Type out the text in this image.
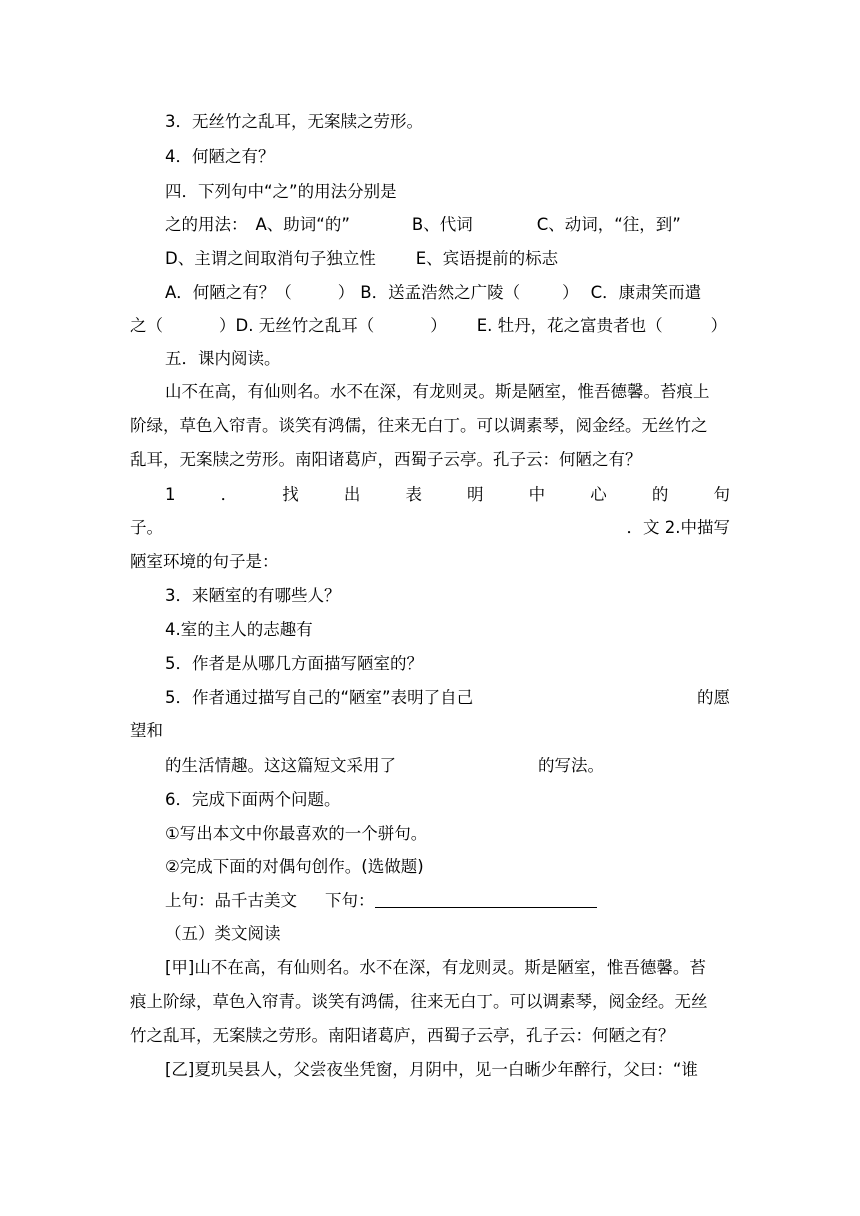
3．无丝竹之乱耳，无案牍之劳形。
4．何陋之有？
四．下列句中“之”的用法分别是
之的用法： A、助词“的”	B、代词	C、动词，“往，到”
D、主谓之间取消句子独立性 E、宾语提前的标志
A．何陋之有？（	） B．送孟浩然之广陵（	） C．康肃笑而遣
之（	）D. 无丝竹之乱耳（	） E. 牡丹，花之富贵者也（	）
五．课内阅读。
山不在高，有仙则名。水不在深，有龙则灵。斯是陋室，惟吾德馨。苔痕上
阶绿，草色入帘青。谈笑有鸿儒，往来无白丁。可以调素琴，阅金经。无丝竹之
乱耳，无案牍之劳形。南阳诸葛庐，西蜀子云亭。孔子云：何陋之有？
1	．	找	出	表	明	中	心	的	句
子。	．文 2.中描写
陋室环境的句子是：
3．来陋室的有哪些人？
4.室的主人的志趣有
5．作者是从哪几方面描写陋室的？
5．作者通过描写自己的“陋室”表明了自己	的愿
望和
的生活情趣。这这篇短文采用了	的写法。
6．完成下面两个问题。
①写出本文中你最喜欢的一个骈句。
②完成下面的对偶句创作。(选做题)
上句：品千古美文 下句：
（五）类文阅读
[甲]山不在高，有仙则名。水不在深，有龙则灵。斯是陋室，惟吾德馨。苔
痕上阶绿，草色入帘青。谈笑有鸿儒，往来无白丁。可以调素琴，阅金经。无丝
竹之乱耳，无案牍之劳形。南阳诸葛庐，西蜀子云亭，孔子云：何陋之有？
[乙]夏玑吴县人，父尝夜坐凭窗，月阴中，见一白晰少年醉行，父曰：“谁
